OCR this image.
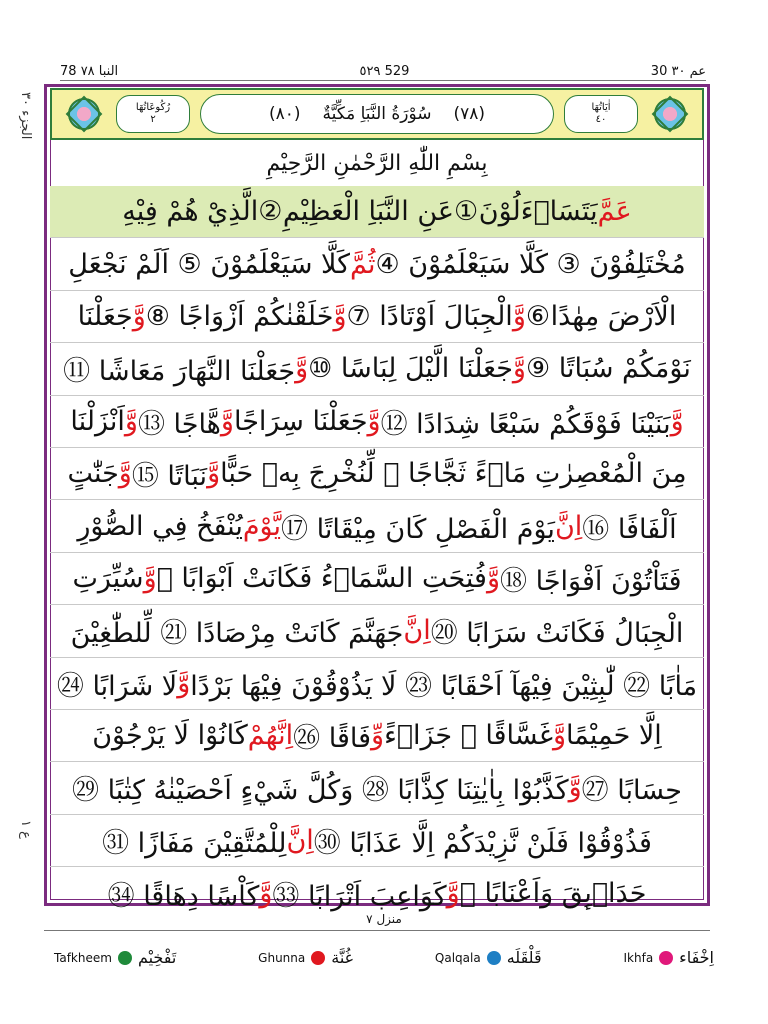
78 النبا ٧٨	٥٢٩ 529	30 عم ٣٠
الجزء ٣٠
ع ١
رُكُوعَاتُهَا
٢	(٨٠) سُوْرَةُ النَّبَاِ مَكِّيَّةٌ (٧٨)	اٰيَاتُهَا
٤٠
بِسْمِ اللّٰهِ الرَّحْمٰنِ الرَّحِيْمِ
عَمَّ
يَتَسَاۗءَلُوْنَ
①
عَنِ النَّبَاِ الْعَظِيْمِ
②
الَّذِيْ هُمْ فِيْهِ
مُخْتَلِفُوْنَ ③ كَلَّا سَيَعْلَمُوْنَ ④
ثُمَّ
كَلَّا سَيَعْلَمُوْنَ ⑤ اَلَمْ نَجْعَلِ
الْاَرْضَ مِهٰدًا
⑥
وَّ
الْجِبَالَ اَوْتَادًا ⑦
وَّ
خَلَقْنٰكُمْ اَزْوَاجًا ⑧
وَّ
جَعَلْنَا
نَوْمَكُمْ سُبَاتًا ⑨
وَّ
جَعَلْنَا الَّيْلَ لِبَاسًا ⑩
وَّ
جَعَلْنَا النَّهَارَ مَعَاشًا ⑪
وَّ
بَنَيْنَا فَوْقَكُمْ سَبْعًا شِدَادًا ⑫
وَّ
جَعَلْنَا سِرَاجًا
وَّ
هَّاجًا ⑬
وَّ
اَنْزَلْنَا
مِنَ الْمُعْصِرٰتِ مَاۗءً ثَجَّاجًا ⑭ لِّنُخْرِجَ بِهٖ حَبًّا
وَّ
نَبَاتًا ⑮
وَّ
جَنّٰتٍ
اَلْفَافًا ⑯
اِنَّ
يَوْمَ الْفَصْلِ كَانَ مِيْقَاتًا ⑰
يَّوْمَ
يُنْفَخُ فِي الصُّوْرِ
فَتَاْتُوْنَ اَفْوَاجًا ⑱
وَّ
فُتِحَتِ السَّمَاۗءُ فَكَانَتْ اَبْوَابًا ⑲
وَّ
سُيِّرَتِ
الْجِبَالُ فَكَانَتْ سَرَابًا ⑳
اِنَّ
جَهَنَّمَ كَانَتْ مِرْصَادًا ㉑ لِّلطّٰغِيْنَ
مَاٰبًا ㉒ لّٰبِثِيْنَ فِيْهَآ اَحْقَابًا ㉓ لَا يَذُوْقُوْنَ فِيْهَا بَرْدًا
وَّ
لَا شَرَابًا ㉔
اِلَّا حَمِيْمًا
وَّ
غَسَّاقًا ㉕ جَزَاۗءً
وِّ
فَاقًا ㉖
اِنَّهُمْ
كَانُوْا لَا يَرْجُوْنَ
حِسَابًا ㉗
وَّ
كَذَّبُوْا بِاٰيٰتِنَا كِذَّابًا ㉘ وَكُلَّ شَيْءٍ اَحْصَيْنٰهُ كِتٰبًا ㉙
فَذُوْقُوْا فَلَنْ نَّزِيْدَكُمْ اِلَّا عَذَابًا ㉚
اِنَّ
لِلْمُتَّقِيْنَ مَفَازًا ㉛
حَدَاۗىِٕقَ وَاَعْنَابًا ㉜
وَّ
كَوَاعِبَ اَتْرَابًا ㉝
وَّ
كَاْسًا دِهَاقًا ㉞
منزل ٧
Tafkheem تَفْخِيْم	Ghunna غُنَّة	Qalqala قَلْقَلَه	Ikhfa اِخْفَاء
